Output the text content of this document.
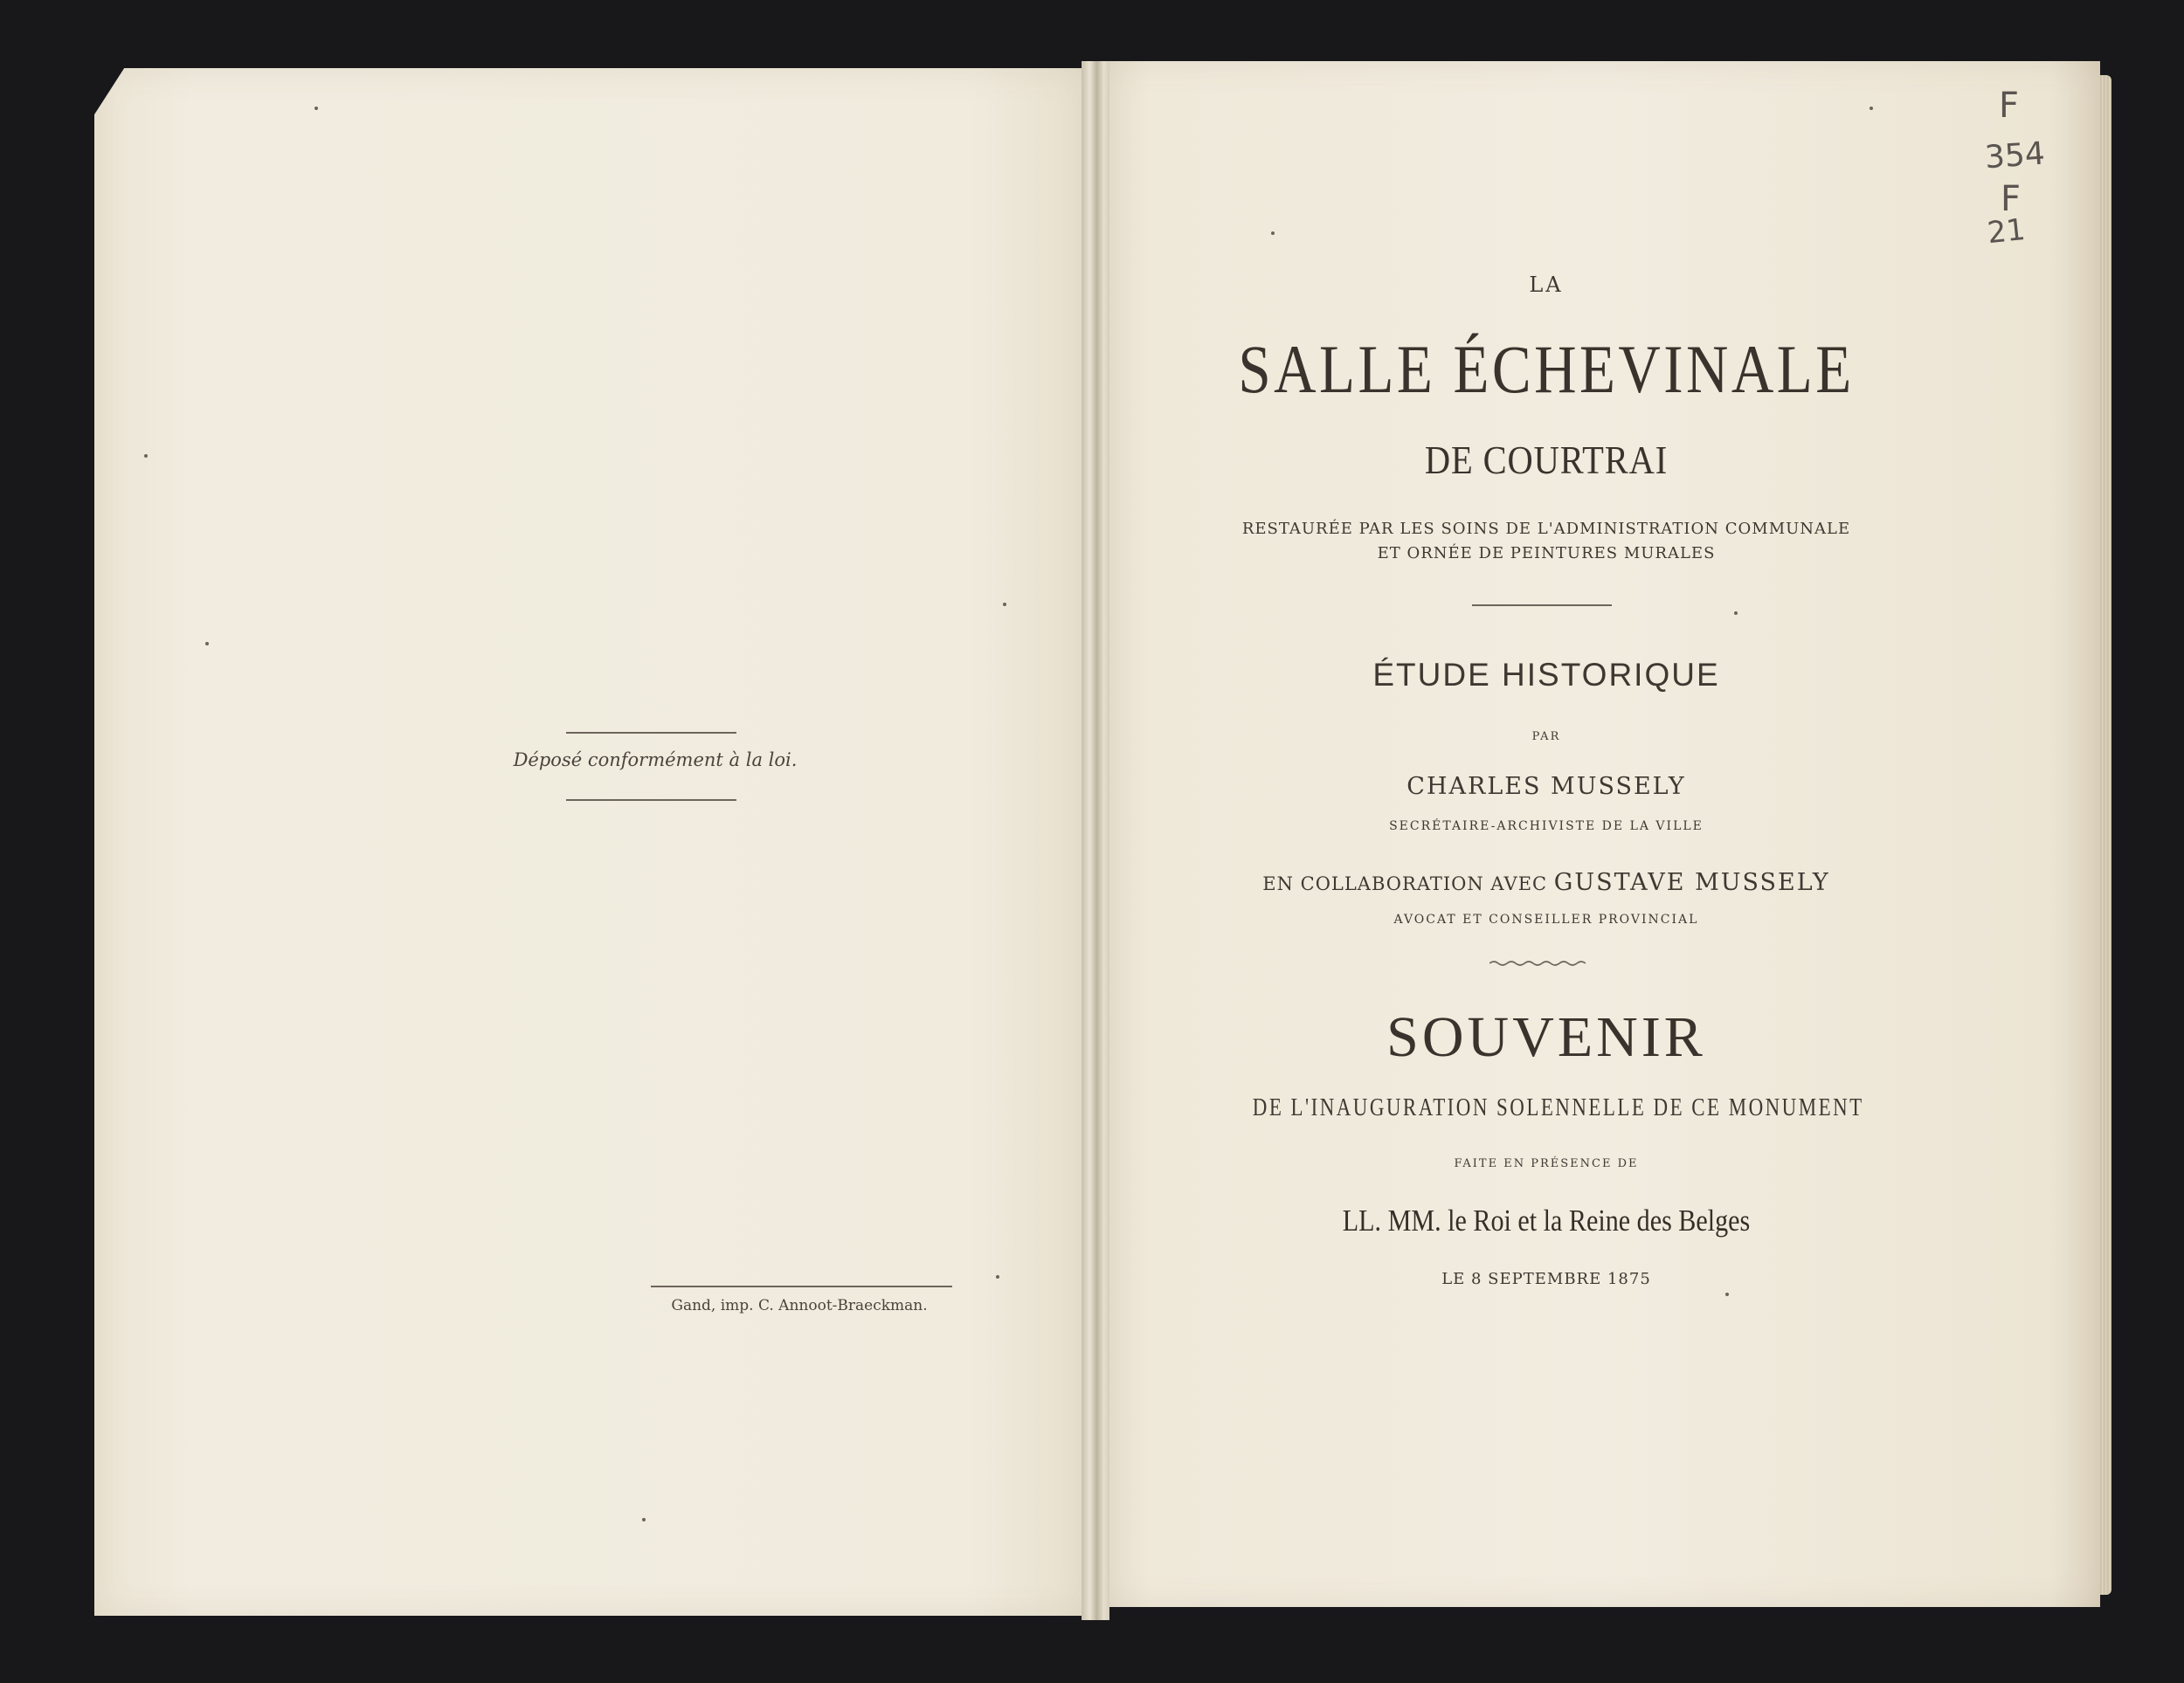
Déposé conformément à la loi.
Gand, imp. C. Annoot-Braeckman.
LA
SALLE ÉCHEVINALE
DE COURTRAI
RESTAURÉE PAR LES SOINS DE L'ADMINISTRATION COMMUNALE
ET ORNÉE DE PEINTURES MURALES
ÉTUDE HISTORIQUE
PAR
CHARLES MUSSELY
SECRÉTAIRE-ARCHIVISTE DE LA VILLE
EN COLLABORATION AVEC GUSTAVE MUSSELY
AVOCAT ET CONSEILLER PROVINCIAL
SOUVENIR
DE L'INAUGURATION SOLENNELLE DE CE MONUMENT
FAITE EN PRÉSENCE DE
LL. MM. le Roi et la Reine des Belges
LE 8 SEPTEMBRE 1875
F
354
F
21
